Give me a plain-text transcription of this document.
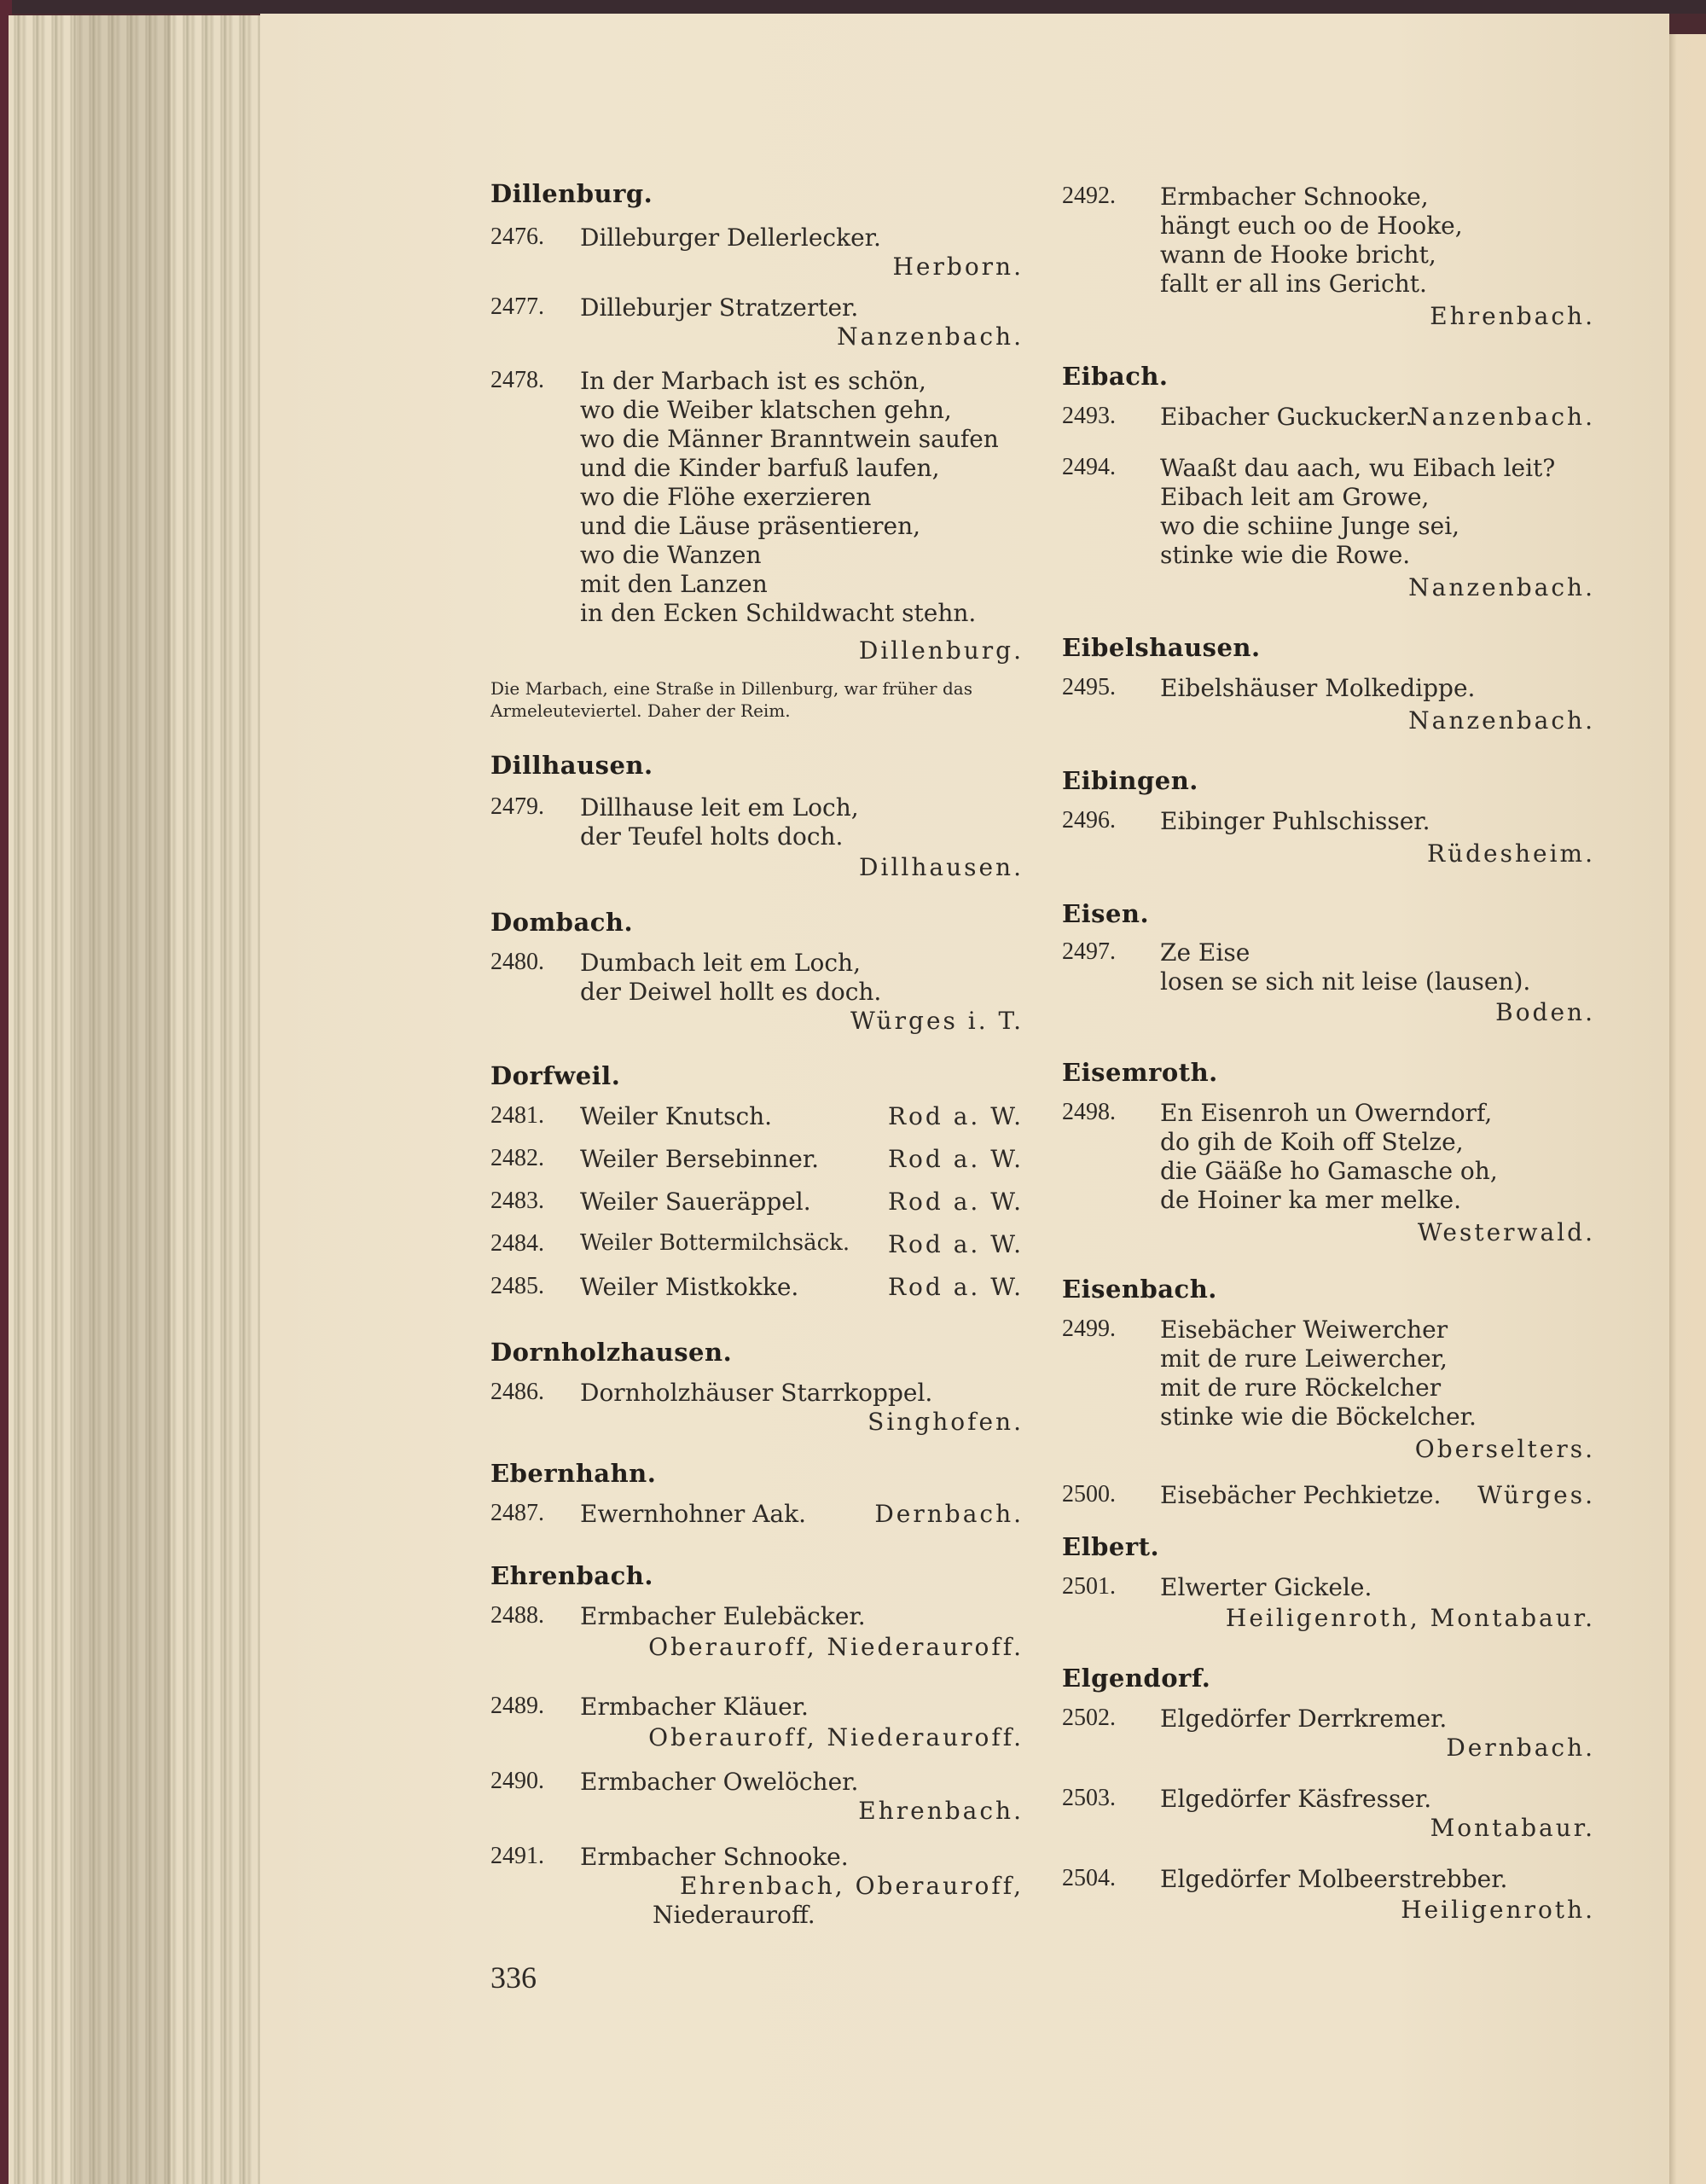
Dillenburg.
2476. Dilleburger Dellerlecker.
Herborn.
2477. Dilleburjer Stratzerter.
Nanzenbach.
2478. In der Marbach ist es schön,
wo die Weiber klatschen gehn,
wo die Männer Branntwein saufen
und die Kinder barfuß laufen,
wo die Flöhe exerzieren
und die Läuse präsentieren,
wo die Wanzen
mit den Lanzen
in den Ecken Schildwacht stehn.
Dillenburg.
Die Marbach, eine Straße in Dillenburg, war früher das Armeleuteviertel. Daher der Reim.
Dillhausen.
2479. Dillhause leit em Loch,
der Teufel holts doch.
Dillhausen.
Dombach.
2480. Dumbach leit em Loch,
der Deiwel hollt es doch.
Würges i. T.
Dorfweil.
2481. Weiler Knutsch.	Rod a. W.
2482. Weiler Bersebinner.	Rod a. W.
2483. Weiler Saueräppel.	Rod a. W.
2484. Weiler Bottermilchsäck. Rod a. W.
2485. Weiler Mistkokke.	Rod a. W.
Dornholzhausen.
2486. Dornholzhäuser Starrkoppel.
Singhofen.
Ebernhahn.
2487. Ewernhohner Aak.	Dernbach.
Ehrenbach.
2488. Ermbacher Eulebäcker.
Oberauroff, Niederauroff.
2489. Ermbacher Kläuer.
Oberauroff, Niederauroff.
2490. Ermbacher Owelöcher.
Ehrenbach.
2491. Ermbacher Schnooke.
Ehrenbach, Oberauroff,
Niederauroff.
2492. Ermbacher Schnooke,
hängt euch oo de Hooke,
wann de Hooke bricht,
fallt er all ins Gericht.
Ehrenbach.
Eibach.
2493. Eibacher Guckucker.
Nanzenbach.
2494. Waaßt dau aach, wu Eibach leit?
Eibach leit am Growe,
wo die schiine Junge sei,
stinke wie die Rowe.
Nanzenbach.
Eibelshausen.
2495. Eibelshäuser Molkedippe.
Nanzenbach.
Eibingen.
2496. Eibinger Puhlschisser.
Rüdesheim.
Eisen.
2497. Ze Eise
losen se sich nit leise (lausen).
Boden.
Eisemroth.
2498. En Eisenroh un Owerndorf,
do gih de Koih off Stelze,
die Gääße ho Gamasche oh,
de Hoiner ka mer melke.
Westerwald.
Eisenbach.
2499. Eisebächer Weiwercher
mit de rure Leiwercher,
mit de rure Röckelcher
stinke wie die Böckelcher.
Oberselters.
2500. Eisebächer Pechkietze. Würges.
Elbert.
2501. Elwerter Gickele.
Heiligenroth, Montabaur.
Elgendorf.
2502. Elgedörfer Derrkremer.
Dernbach.
2503. Elgedörfer Käsfresser.
Montabaur.
2504. Elgedörfer Molbeerstrebber.
Heiligenroth.
336
